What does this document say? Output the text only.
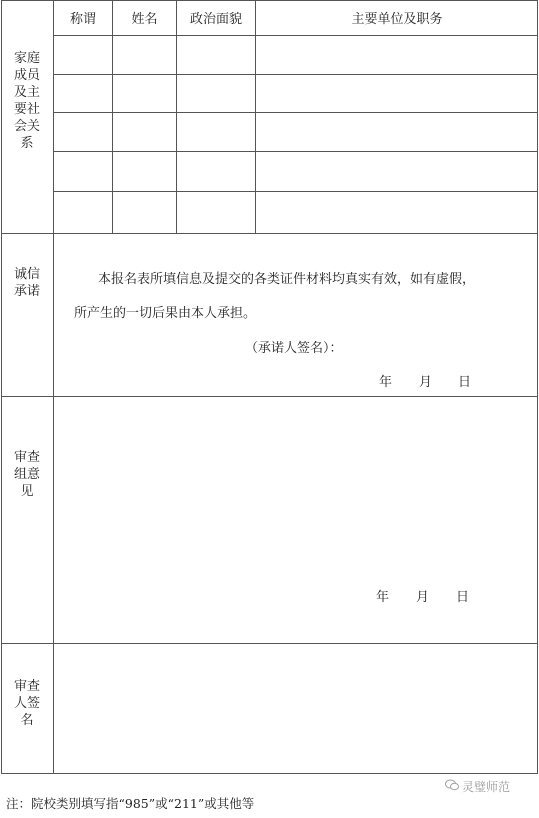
家庭成员及主要社会关系
称谓	姓名	政治面貌	主要单位及职务
诚信承诺
本报名表所填信息及提交的各类证件材料均真实有效，如有虚假，
所产生的一切后果由本人承担。
（承诺人签名）：
年 月 日
审查组意见
年 月 日
审查人签名
灵璧师范
注：院校类别填写指“985”或“211”或其他等
